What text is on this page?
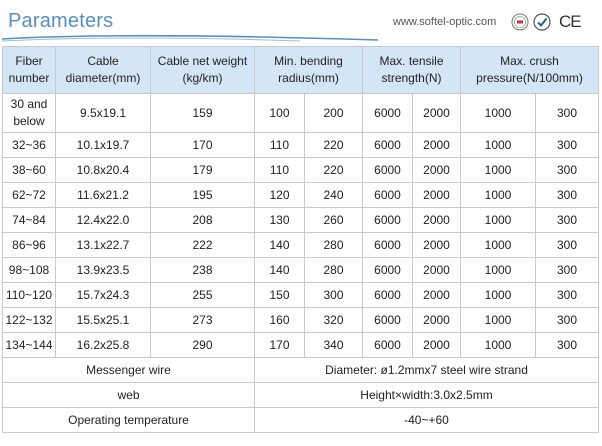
Parameters	www.softel-optic.com	CE
Fiber number	Cable diameter(mm)	Cable net weight (kg/km)	Min. bending radius(mm)		Max. tensile strength(N)		Max. crush pressure(N/100mm)	
30 and below	9.5x19.1	159	100	200	6000	2000	1000	300
32~36	10.1x19.7	170	110	220	6000	2000	1000	300
38~60	10.8x20.4	179	110	220	6000	2000	1000	300
62~72	11.6x21.2	195	120	240	6000	2000	1000	300
74~84	12.4x22.0	208	130	260	6000	2000	1000	300
86~96	13.1x22.7	222	140	280	6000	2000	1000	300
98~108	13.9x23.5	238	140	280	6000	2000	1000	300
110~120	15.7x24.3	255	150	300	6000	2000	1000	300
122~132	15.5x25.1	273	160	320	6000	2000	1000	300
134~144	16.2x25.8	290	170	340	6000	2000	1000	300
Messenger wire			Diameter: ø1.2mmx7 steel wire strand					
web			Height×width:3.0x2.5mm					
Operating temperature			-40~+60					
